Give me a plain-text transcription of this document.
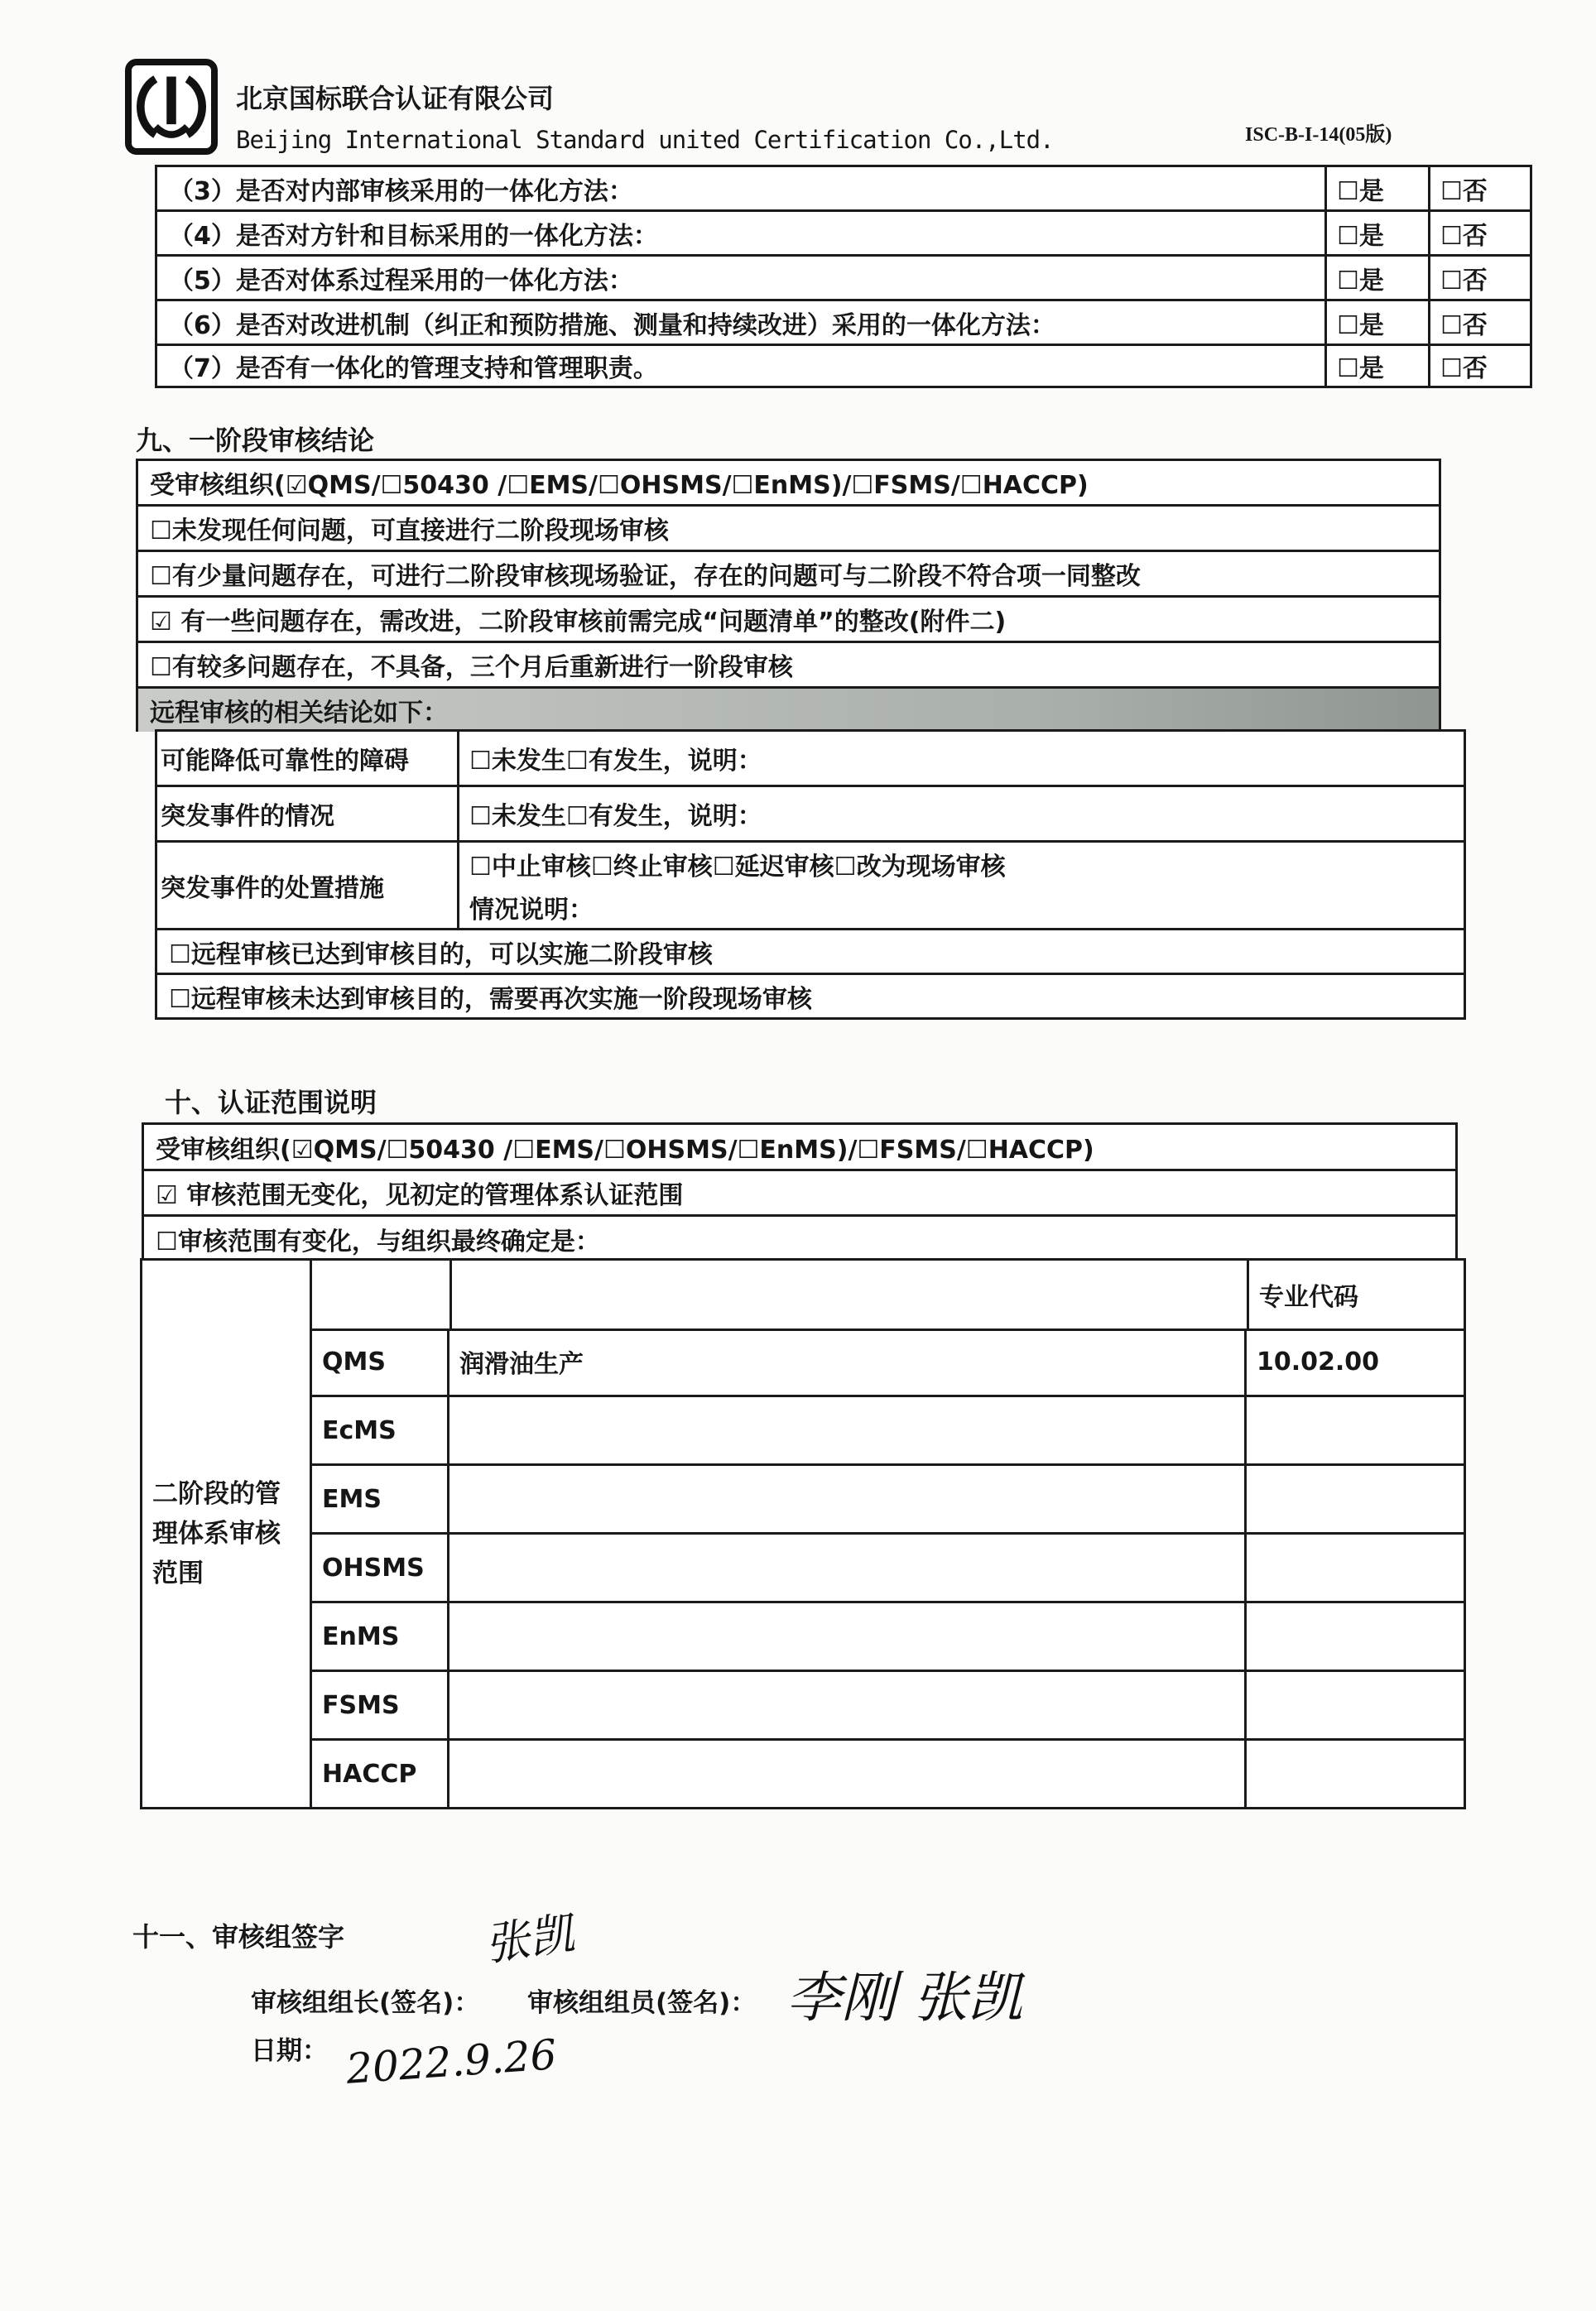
北京国标联合认证有限公司
Beijing International Standard united Certification Co.,Ltd.	ISC-B-I-14(05版)
（3）是否对内部审核采用的一体化方法：	☐是	☐否
（4）是否对方针和目标采用的一体化方法：	☐是	☐否
（5）是否对体系过程采用的一体化方法：	☐是	☐否
（6）是否对改进机制（纠正和预防措施、测量和持续改进）采用的一体化方法：	☐是	☐否
（7）是否有一体化的管理支持和管理职责。	☐是	☐否
九、一阶段审核结论
受审核组织(☑QMS/☐50430 /☐EMS/☐OHSMS/☐EnMS)/☐FSMS/☐HACCP)
☐未发现任何问题，可直接进行二阶段现场审核
☐有少量问题存在，可进行二阶段审核现场验证，存在的问题可与二阶段不符合项一同整改
☑ 有一些问题存在，需改进，二阶段审核前需完成“问题清单”的整改(附件二)
☐有较多问题存在，不具备，三个月后重新进行一阶段审核
远程审核的相关结论如下：
可能降低可靠性的障碍	☐未发生☐有发生，说明：
突发事件的情况	☐未发生☐有发生，说明：
突发事件的处置措施
☐中止审核☐终止审核☐延迟审核☐改为现场审核
情况说明：
☐远程审核已达到审核目的，可以实施二阶段审核
☐远程审核未达到审核目的，需要再次实施一阶段现场审核
十、认证范围说明
受审核组织(☑QMS/☐50430 /☐EMS/☐OHSMS/☐EnMS)/☐FSMS/☐HACCP)
☑ 审核范围无变化，见初定的管理体系认证范围
☐审核范围有变化，与组织最终确定是：
二阶段的管理体系审核范围
专业代码
QMS	润滑油生产	10.02.00
EcMS
EMS
OHSMS
EnMS
FSMS
HACCP
十一、审核组签字
审核组组长(签名)：
张凯
审核组组员(签名)： 李刚 张凯
日期： 2022.9.26
